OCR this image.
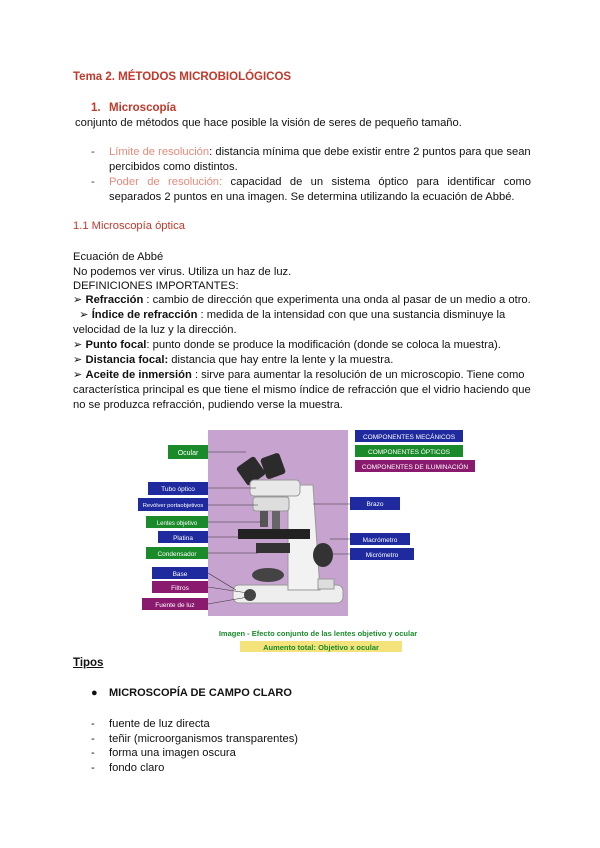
Tema 2. MÉTODOS MICROBIOLÓGICOS
1. Microscopía
conjunto de métodos que hace posible la visión de seres de pequeño tamaño.
- Límite de resolución: distancia mínima que debe existir entre 2 puntos para que sean percibidos como distintos.
- Poder de resolución: capacidad de un sistema óptico para identificar como separados 2 puntos en una imagen. Se determina utilizando la ecuación de Abbé.
1.1 Microscopía óptica
Ecuación de Abbé
No podemos ver virus. Utiliza un haz de luz.
DEFINICIONES IMPORTANTES:
➢ Refracción : cambio de dirección que experimenta una onda al pasar de un medio a otro.   ➢ Índice de refracción : medida de la intensidad con que una sustancia disminuye la velocidad de la luz y la dirección.
➢ Punto focal: punto donde se produce la modificación (donde se coloca la muestra).
➢ Distancia focal: distancia que hay entre la lente y la muestra.
➢ Aceite de inmersión : sirve para aumentar la resolución de un microscopio. Tiene como característica principal es que tiene el mismo índice de refracción que el vidrio haciendo que no se produzca refracción, pudiendo verse la muestra.
COMPONENTES MECÁNICOS
COMPONENTES ÓPTICOS
COMPONENTES DE ILUMINACIÓN
Ocular
Tubo óptico
Revólver portaobjetivos
Lentes objetivo
Platina
Condensador
Base
Filtros
Fuente de luz
Brazo
Macrómetro
Micrómetro
Imagen - Efecto conjunto de las lentes objetivo y ocular
Aumento total: Objetivo x ocular
Tipos
● MICROSCOPÍA DE CAMPO CLARO
- fuente de luz directa
- teñir (microorganismos transparentes)
- forma una imagen oscura
- fondo claro
